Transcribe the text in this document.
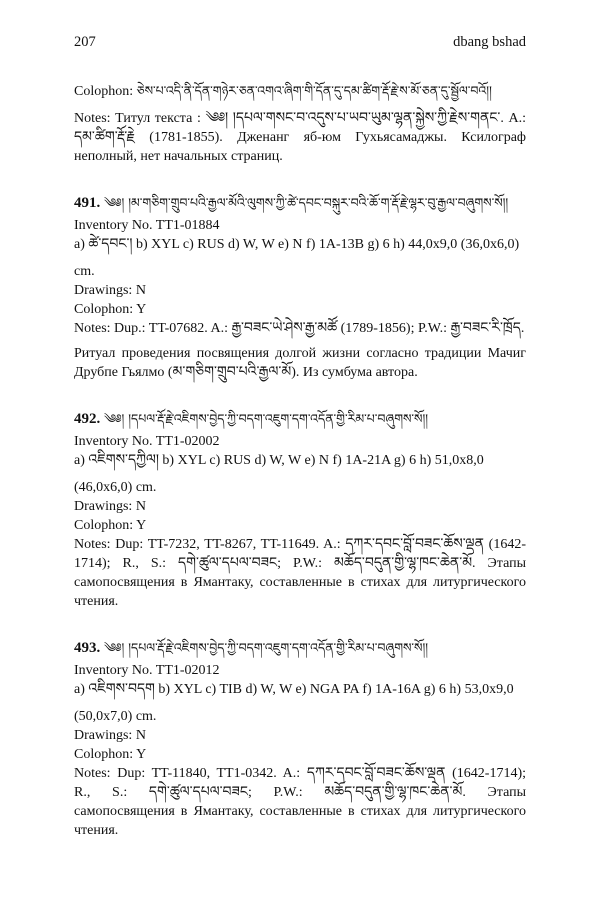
207	dbang bshad

Colophon: ཅེས་པ་འདི་ནི་དོན་གཉེར་ཅན་འགའ་ཞིག་གི་དོན་དུ་དམ་ཚིག་རྡོ་རྗེ་ས་མོ་ཅན་དུ་སྦྱོལ་བའོ།།

Notes: Титул текста : ༄༅། །དཔལ་གསང་བ་འདུས་པ་ཡབ་ཡུམ་ལྷན་སྐྱེས་ཀྱི་རྗེས་གནང་. A.: དམ་ཚིག་རྡོ་རྗེ (1781-1855). Дженанг яб-юм Гухьясамаджы. Ксилограф неполный, нет начальных страниц.

491. ༄༅། །མ་གཅིག་གྲུབ་པའི་རྒྱལ་མོའི་ལུགས་ཀྱི་ཚེ་དབང་བསྐུར་བའི་ཆོ་ག་རྡོ་རྗེ་ལྷར་བུ་རྒྱལ་བཞུགས་སོ།།

Inventory No. TT1-01884

a) ཚེ་དབང་། b) XYL c) RUS d) W, W e) N f) 1A-13B g) 6 h) 44,0x9,0 (36,0x6,0)

cm.

Drawings: N

Colophon: Y

Notes: Dup.: TT-07682. A.: རྒྱ་བཟང་ཡེ་ཤེས་རྒྱ་མཚོ (1789-1856); P.W.: རྒྱ་བཟང་རི་ཁྲོད.

Ритуал проведения посвящения долгой жизни согласно традиции Мачиг Друбпе Гьялмо (མ་གཅིག་གྲུབ་པའི་རྒྱལ་མོ). Из сумбума автора.

492. ༄༅། །དཔལ་རྡོ་རྗེ་འཇིགས་བྱེད་ཀྱི་བདག་འཇུག་དག་འདོན་གྱི་རིམ་པ་བཞུགས་སོ།།

Inventory No. TT1-02002

a) འཇིགས་དཀྱིལ། b) XYL c) RUS d) W, W e) N f) 1A-21A g) 6 h) 51,0x8,0

(46,0x6,0) cm.

Drawings: N

Colophon: Y

Notes: Dup: TT-7232, TT-8267, TT-11649. A.: དཀར་དབང་བློ་བཟང་ཆོས་ལྡན (1642-1714); R., S.: དགེ་ཚུལ་དཔལ་བཟང; P.W.: མཆོད་བདུན་གྱི་ལྷ་ཁང་ཆེན་མོ. Этапы самопосвящения в Ямантаку, составленные в стихах для литургического чтения.

493. ༄༅། །དཔལ་རྡོ་རྗེ་འཇིགས་བྱེད་ཀྱི་བདག་འཇུག་དག་འདོན་གྱི་རིམ་པ་བཞུགས་སོ།།

Inventory No. TT1-02012

a) འཇིགས་བདག b) XYL c) TIB d) W, W e) NGA PA f) 1A-16A g) 6 h) 53,0x9,0

(50,0x7,0) cm.

Drawings: N

Colophon: Y

Notes: Dup: TT-11840, TT1-0342. A.: དཀར་དབང་བློ་བཟང་ཆོས་ལྡན (1642-1714); R., S.: དགེ་ཚུལ་དཔལ་བཟང; P.W.: མཆོད་བདུན་གྱི་ལྷ་ཁང་ཆེན་མོ. Этапы самопосвящения в Ямантаку, составленные в стихах для литургического чтения.
